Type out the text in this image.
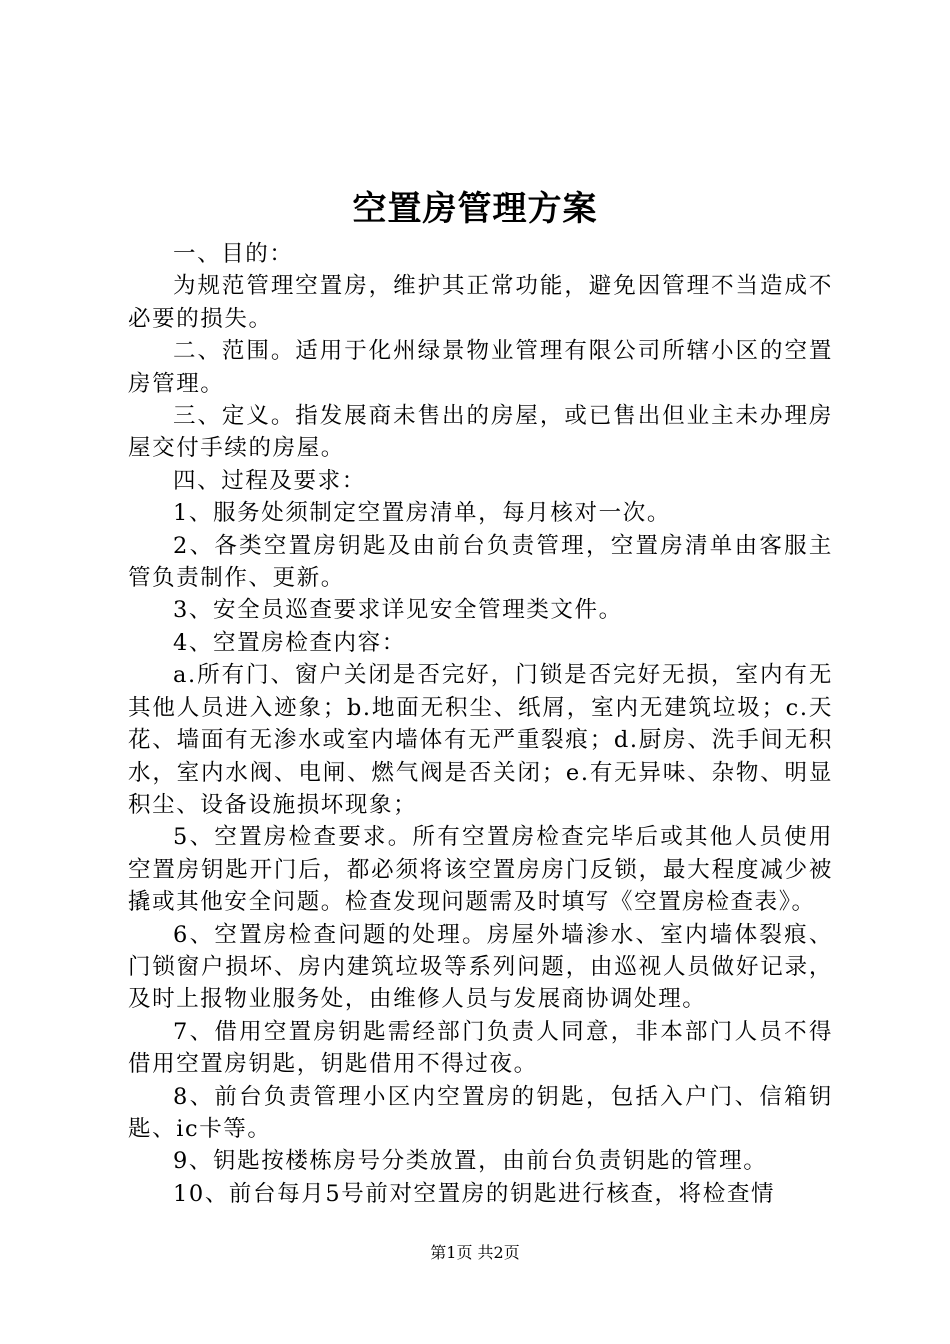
空置房管理方案

一、目的：

为规范管理空置房，维护其正常功能，避免因管理不当造成不必要的损失。

二、范围。适用于化州绿景物业管理有限公司所辖小区的空置房管理。

三、定义。指发展商未售出的房屋，或已售出但业主未办理房屋交付手续的房屋。

四、过程及要求：

1、服务处须制定空置房清单，每月核对一次。

2、各类空置房钥匙及由前台负责管理，空置房清单由客服主管负责制作、更新。

3、安全员巡查要求详见安全管理类文件。

4、空置房检查内容：

a.所有门、窗户关闭是否完好，门锁是否完好无损，室内有无其他人员进入迹象；b.地面无积尘、纸屑，室内无建筑垃圾；c.天花、墙面有无渗水或室内墙体有无严重裂痕；d.厨房、洗手间无积水，室内水阀、电闸、燃气阀是否关闭；e.有无异味、杂物、明显积尘、设备设施损坏现象；

5、空置房检查要求。所有空置房检查完毕后或其他人员使用空置房钥匙开门后，都必须将该空置房房门反锁，最大程度减少被撬或其他安全问题。检查发现问题需及时填写《空置房检查表》。

6、空置房检查问题的处理。房屋外墙渗水、室内墙体裂痕、门锁窗户损坏、房内建筑垃圾等系列问题，由巡视人员做好记录，及时上报物业服务处，由维修人员与发展商协调处理。

7、借用空置房钥匙需经部门负责人同意，非本部门人员不得借用空置房钥匙，钥匙借用不得过夜。

8、前台负责管理小区内空置房的钥匙，包括入户门、信箱钥匙、ic卡等。

9、钥匙按楼栋房号分类放置，由前台负责钥匙的管理。

10、前台每月5号前对空置房的钥匙进行核查，将检查情

第1页 共2页
